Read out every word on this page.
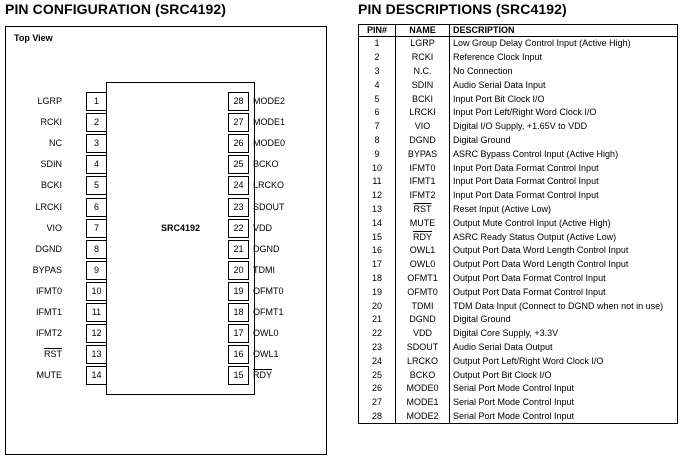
PIN CONFIGURATION (SRC4192)	PIN DESCRIPTIONS (SRC4192)
Top View
SRC4192
LGRP	1
RCKI	2
NC	3
SDIN	4
BCKI	5
LRCKI	6
VIO	7
DGND	8
BYPAS	9
IFMT0	10
IFMT1	11
IFMT2	12
$\overline{RST}$	13
MUTE	14
28	MODE2
27	MODE1
26	MODE0
25	BCKO
24	LRCKO
23	SDOUT
22	VDD
21	DGND
20	TDMI
19	OFMT0
18	OFMT1
17	OWL0
16	OWL1
15	$\overline{RDY}$
PIN#	NAME	DESCRIPTION
1	LGRP	Low Group Delay Control Input (Active High)
2	RCKI	Reference Clock Input
3	N.C.	No Connection
4	SDIN	Audio Serial Data Input
5	BCKI	Input Port Bit Clock I/O
6	LRCKI	Input Port Left/Right Word Clock I/O
7	VIO	Digital I/O Supply, +1.65V to VDD
8	DGND	Digital Ground
9	BYPAS	ASRC Bypass Control Input (Active High)
10	IFMT0	Input Port Data Format Control Input
11	IFMT1	Input Port Data Format Control Input
12	IFMT2	Input Port Data Format Control Input
13	$\overline{RST}$	Reset Input (Active Low)
14	MUTE	Output Mute Control Input (Active High)
15	$\overline{RDY}$	ASRC Ready Status Output (Active Low)
16	OWL1	Output Port Data Word Length Control Input
17	OWL0	Output Port Data Word Length Control Input
18	OFMT1	Output Port Data Format Control Input
19	OFMT0	Output Port Data Format Control Input
20	TDMI	TDM Data Input (Connect to DGND when not in use)
21	DGND	Digital Ground
22	VDD	Digital Core Supply, +3.3V
23	SDOUT	Audio Serial Data Output
24	LRCKO	Output Port Left/Right Word Clock I/O
25	BCKO	Output Port Bit Clock I/O
26	MODE0	Serial Port Mode Control Input
27	MODE1	Serial Port Mode Control Input
28	MODE2	Serial Port Mode Control Input
